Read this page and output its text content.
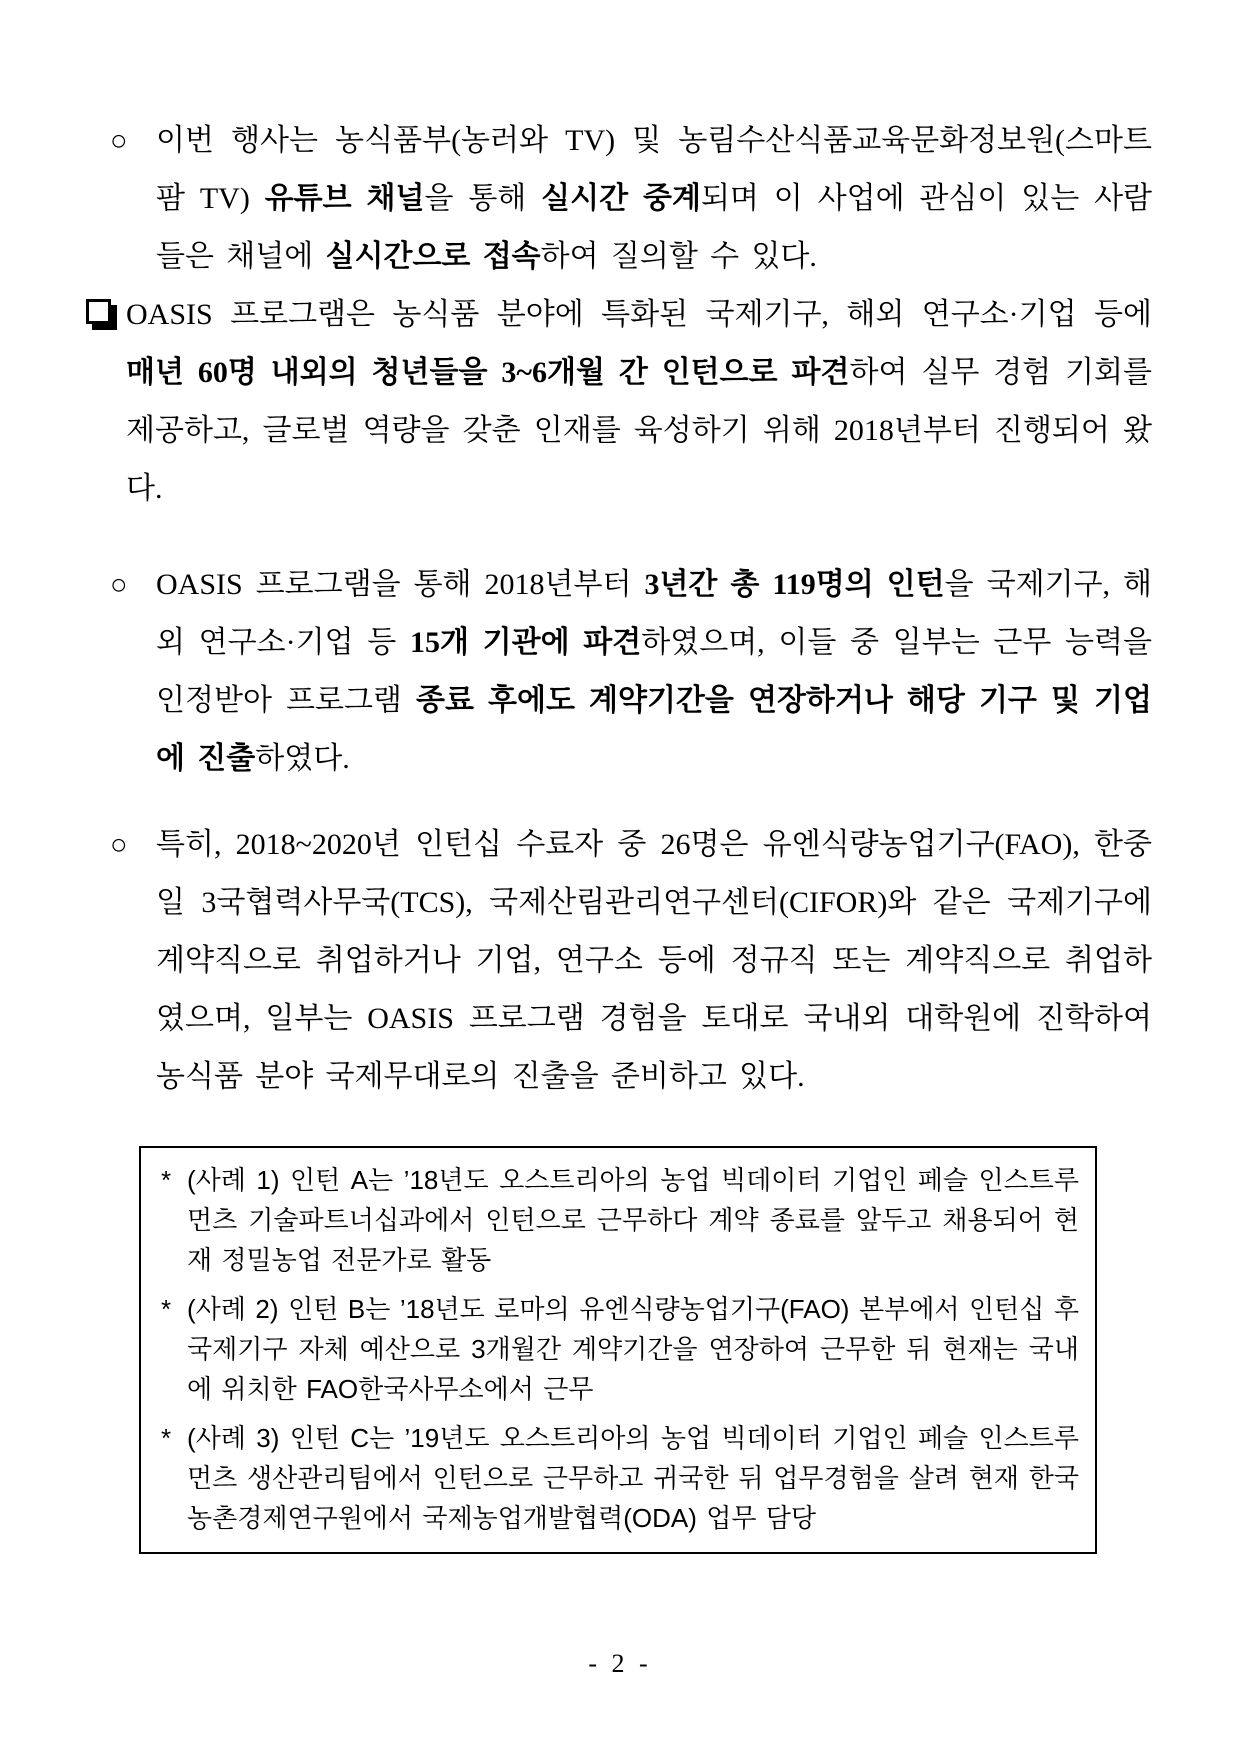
○ 이번 행사는 농식품부(농러와 TV) 및 농림수산식품교육문화정보원(스마트팜 TV) 유튜브 채널을 통해 실시간 중계되며 이 사업에 관심이 있는 사람들은 채널에 실시간으로 접속하여 질의할 수 있다.
OASIS 프로그램은 농식품 분야에 특화된 국제기구, 해외 연구소·기업 등에 매년 60명 내외의 청년들을 3~6개월 간 인턴으로 파견하여 실무 경험 기회를 제공하고, 글로벌 역량을 갖춘 인재를 육성하기 위해 2018년부터 진행되어 왔다.
○ OASIS 프로그램을 통해 2018년부터 3년간 총 119명의 인턴을 국제기구, 해외 연구소·기업 등 15개 기관에 파견하였으며, 이들 중 일부는 근무 능력을 인정받아 프로그램 종료 후에도 계약기간을 연장하거나 해당 기구 및 기업에 진출하였다.
○ 특히, 2018~2020년 인턴십 수료자 중 26명은 유엔식량농업기구(FAO), 한중일 3국협력사무국(TCS), 국제산림관리연구센터(CIFOR)와 같은 국제기구에 계약직으로 취업하거나 기업, 연구소 등에 정규직 또는 계약직으로 취업하였으며, 일부는 OASIS 프로그램 경험을 토대로 국내외 대학원에 진학하여 농식품 분야 국제무대로의 진출을 준비하고 있다.
* (사례 1) 인턴 A는 ’18년도 오스트리아의 농업 빅데이터 기업인 페슬 인스트루먼츠 기술파트너십과에서 인턴으로 근무하다 계약 종료를 앞두고 채용되어 현재 정밀농업 전문가로 활동
* (사례 2) 인턴 B는 ’18년도 로마의 유엔식량농업기구(FAO) 본부에서 인턴십 후 국제기구 자체 예산으로 3개월간 계약기간을 연장하여 근무한 뒤 현재는 국내에 위치한 FAO한국사무소에서 근무
* (사례 3) 인턴 C는 ’19년도 오스트리아의 농업 빅데이터 기업인 페슬 인스트루먼츠 생산관리팀에서 인턴으로 근무하고 귀국한 뒤 업무경험을 살려 현재 한국농촌경제연구원에서 국제농업개발협력(ODA) 업무 담당
- 2 -
